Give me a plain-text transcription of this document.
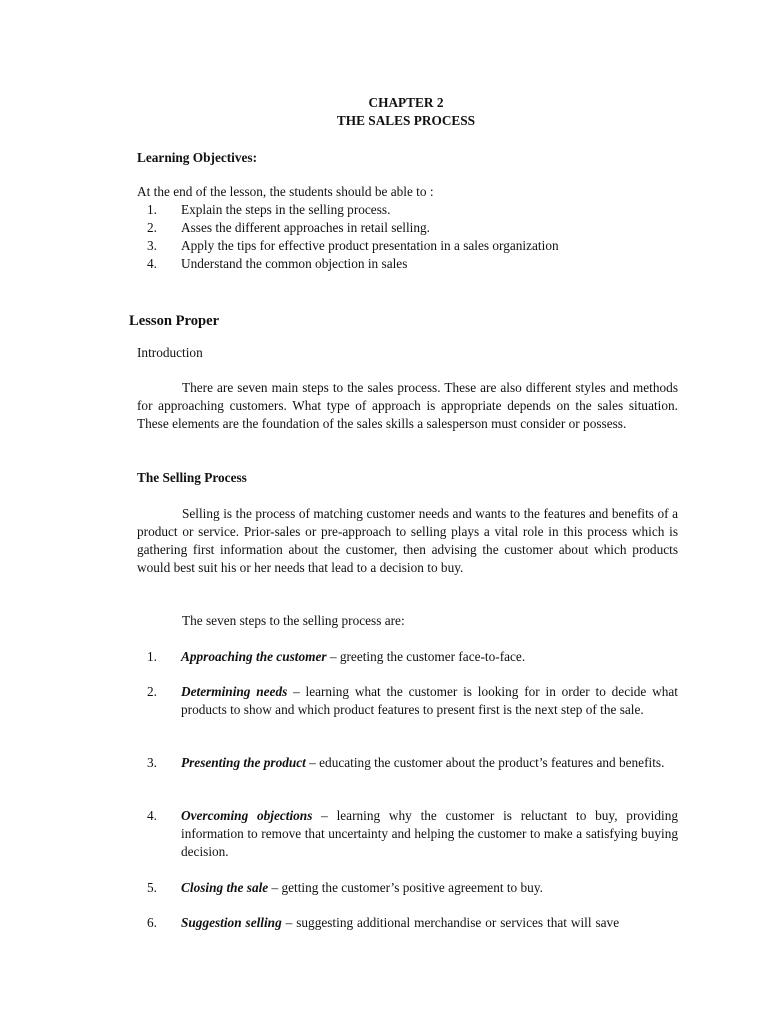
CHAPTER 2
THE SALES PROCESS
Learning Objectives:
At the end of the lesson, the students should be able to :
1. Explain the steps in the selling process.
2. Asses the different approaches in retail selling.
3. Apply the tips for effective product presentation in a sales organization
4. Understand the common objection in sales
Lesson Proper
Introduction
There are seven main steps to the sales process. These are also different styles and methods for approaching customers. What type of approach is appropriate depends on the sales situation. These elements are the foundation of the sales skills a salesperson must consider or possess.
The Selling Process
Selling is the process of matching customer needs and wants to the features and benefits of a product or service. Prior-sales or pre-approach to selling plays a vital role in this process which is gathering first information about the customer, then advising the customer about which products would best suit his or her needs that lead to a decision to buy.
The seven steps to the selling process are:
1. Approaching the customer – greeting the customer face-to-face.
2. Determining needs – learning what the customer is looking for in order to decide what products to show and which product features to present first is the next step of the sale.
3. Presenting the product – educating the customer about the product’s features and benefits.
4. Overcoming objections – learning why the customer is reluctant to buy, providing information to remove that uncertainty and helping the customer to make a satisfying buying decision.
5. Closing the sale – getting the customer’s positive agreement to buy.
6. Suggestion selling – suggesting additional merchandise or services that will save
